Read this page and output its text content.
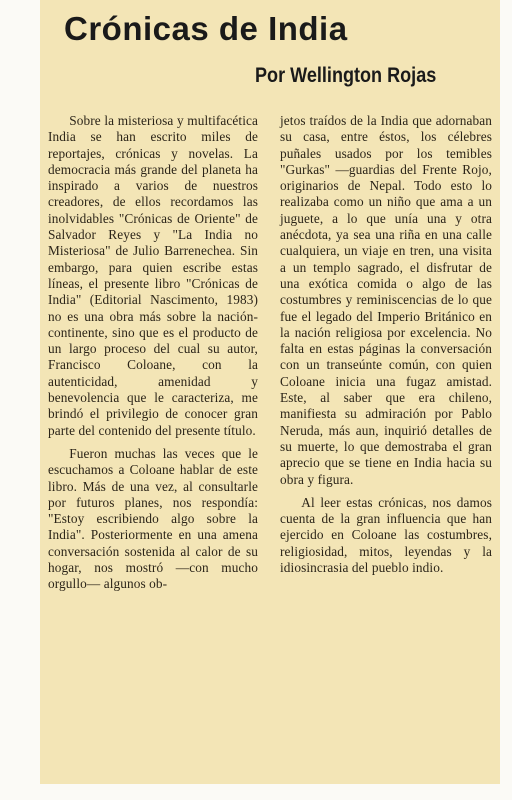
Crónicas de India
Por Wellington Rojas

Sobre la misteriosa y multifacética India se han escrito miles de reportajes, crónicas y novelas. La democracia más grande del planeta ha inspirado a varios de nuestros creadores, de ellos recordamos las inolvidables "Crónicas de Oriente" de Salvador Reyes y "La India no Misteriosa" de Julio Barrenechea. Sin embargo, para quien escribe estas líneas, el presente libro "Crónicas de India" (Editorial Nascimento, 1983) no es una obra más sobre la nación-continente, sino que es el producto de un largo proceso del cual su autor, Francisco Coloane, con la autenticidad, amenidad y benevolencia que le caracteriza, me brindó el privilegio de conocer gran parte del contenido del presente título.

Fueron muchas las veces que le escuchamos a Coloane hablar de este libro. Más de una vez, al consultarle por futuros planes, nos respondía: "Estoy escribiendo algo sobre la India". Posteriormente en una amena conversación sostenida al calor de su hogar, nos mostró —con mucho orgullo— algunos ob-

jetos traídos de la India que adornaban su casa, entre éstos, los célebres puñales usados por los temibles "Gurkas" —guardias del Frente Rojo, originarios de Nepal. Todo esto lo realizaba como un niño que ama a un juguete, a lo que unía una y otra anécdota, ya sea una riña en una calle cualquiera, un viaje en tren, una visita a un templo sagrado, el disfrutar de una exótica comida o algo de las costumbres y reminiscencias de lo que fue el legado del Imperio Británico en la nación religiosa por excelencia. No falta en estas páginas la conversación con un transeúnte común, con quien Coloane inicia una fugaz amistad. Este, al saber que era chileno, manifiesta su admiración por Pablo Neruda, más aun, inquirió detalles de su muerte, lo que demostraba el gran aprecio que se tiene en India hacia su obra y figura.

Al leer estas crónicas, nos damos cuenta de la gran influencia que han ejercido en Coloane las costumbres, religiosidad, mitos, leyendas y la idiosincrasia del pueblo indio.
